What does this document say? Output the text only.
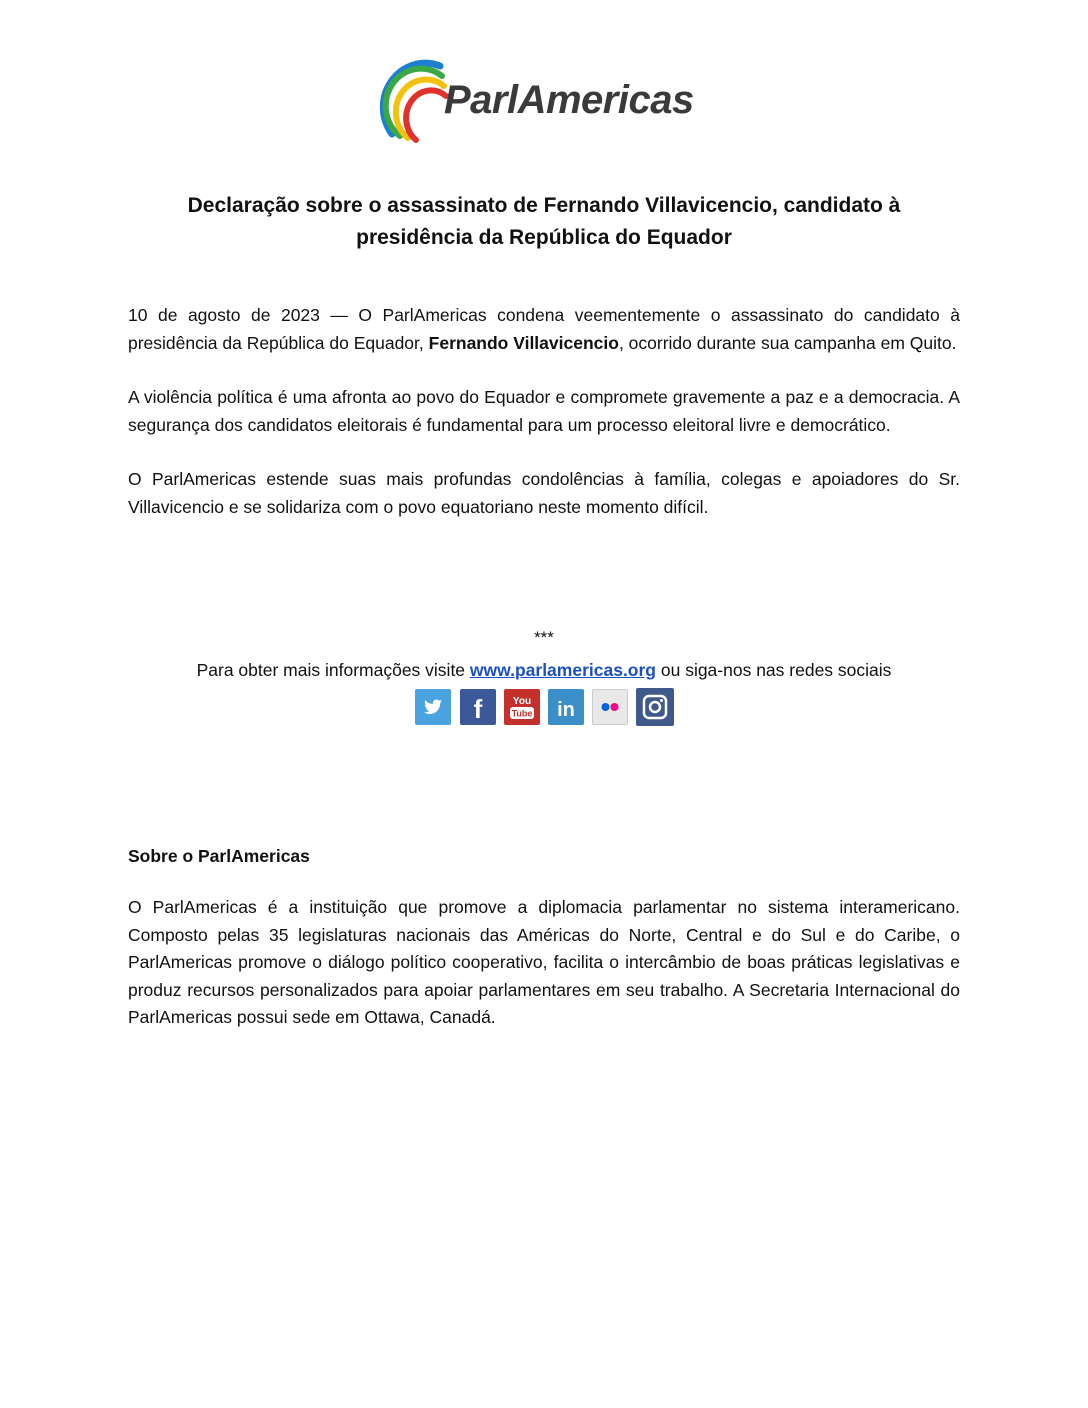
ParlAmericas
Declaração sobre o assassinato de Fernando Villavicencio, candidato à presidência da República do Equador
10 de agosto de 2023 — O ParlAmericas condena veementemente o assassinato do candidato à presidência da República do Equador, Fernando Villavicencio, ocorrido durante sua campanha em Quito.
A violência política é uma afronta ao povo do Equador e compromete gravemente a paz e a democracia. A segurança dos candidatos eleitorais é fundamental para um processo eleitoral livre e democrático.
O ParlAmericas estende suas mais profundas condolências à família, colegas e apoiadores do Sr. Villavicencio e se solidariza com o povo equatoriano neste momento difícil.
***
Para obter mais informações visite www.parlamericas.org ou siga-nos nas redes sociais
f	You
Tube in
Sobre o ParlAmericas
O ParlAmericas é a instituição que promove a diplomacia parlamentar no sistema interamericano. Composto pelas 35 legislaturas nacionais das Américas do Norte, Central e do Sul e do Caribe, o ParlAmericas promove o diálogo político cooperativo, facilita o intercâmbio de boas práticas legislativas e produz recursos personalizados para apoiar parlamentares em seu trabalho. A Secretaria Internacional do ParlAmericas possui sede em Ottawa, Canadá.
